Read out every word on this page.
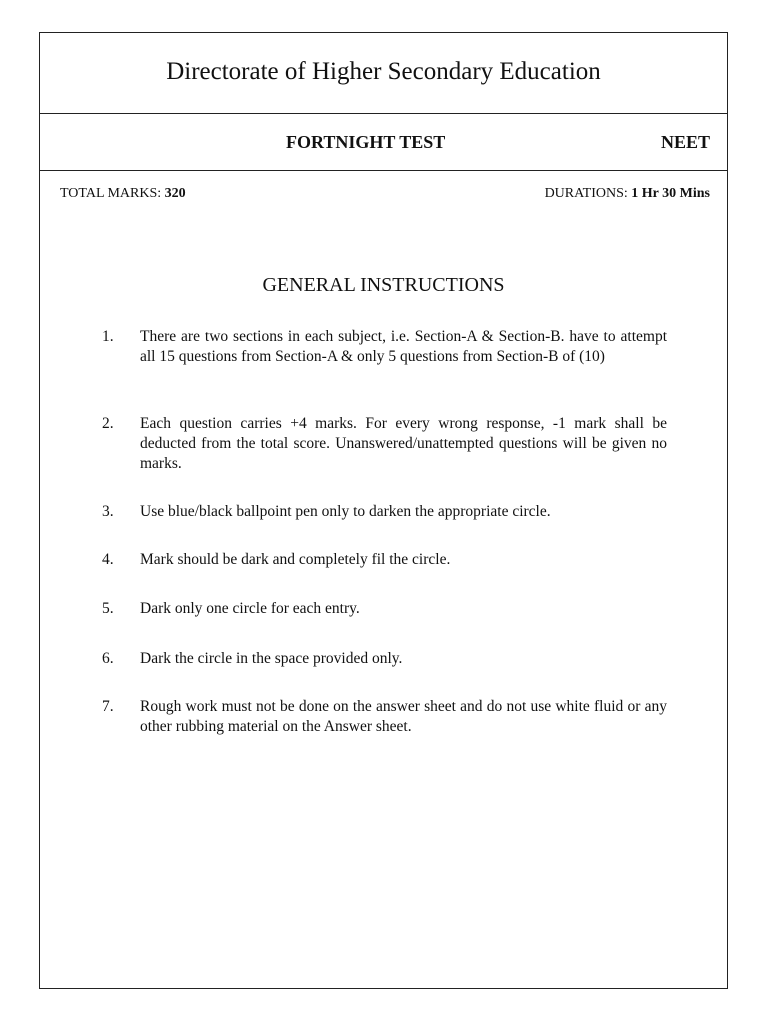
Directorate of Higher Secondary Education
FORTNIGHT TEST	NEET
TOTAL MARKS: 320	DURATIONS: 1 Hr 30 Mins
GENERAL INSTRUCTIONS
1.	There are two sections in each subject, i.e. Section-A & Section-B. have to attempt all 15 questions from Section-A & only 5 questions from Section-B of (10)
2.	Each question carries +4 marks. For every wrong response, -1 mark shall be deducted from the total score. Unanswered/unattempted questions will be given no marks.
3.	Use blue/black ballpoint pen only to darken the appropriate circle.
4.	Mark should be dark and completely fil the circle.
5.	Dark only one circle for each entry.
6.	Dark the circle in the space provided only.
7.	Rough work must not be done on the answer sheet and do not use white fluid or any other rubbing material on the Answer sheet.
